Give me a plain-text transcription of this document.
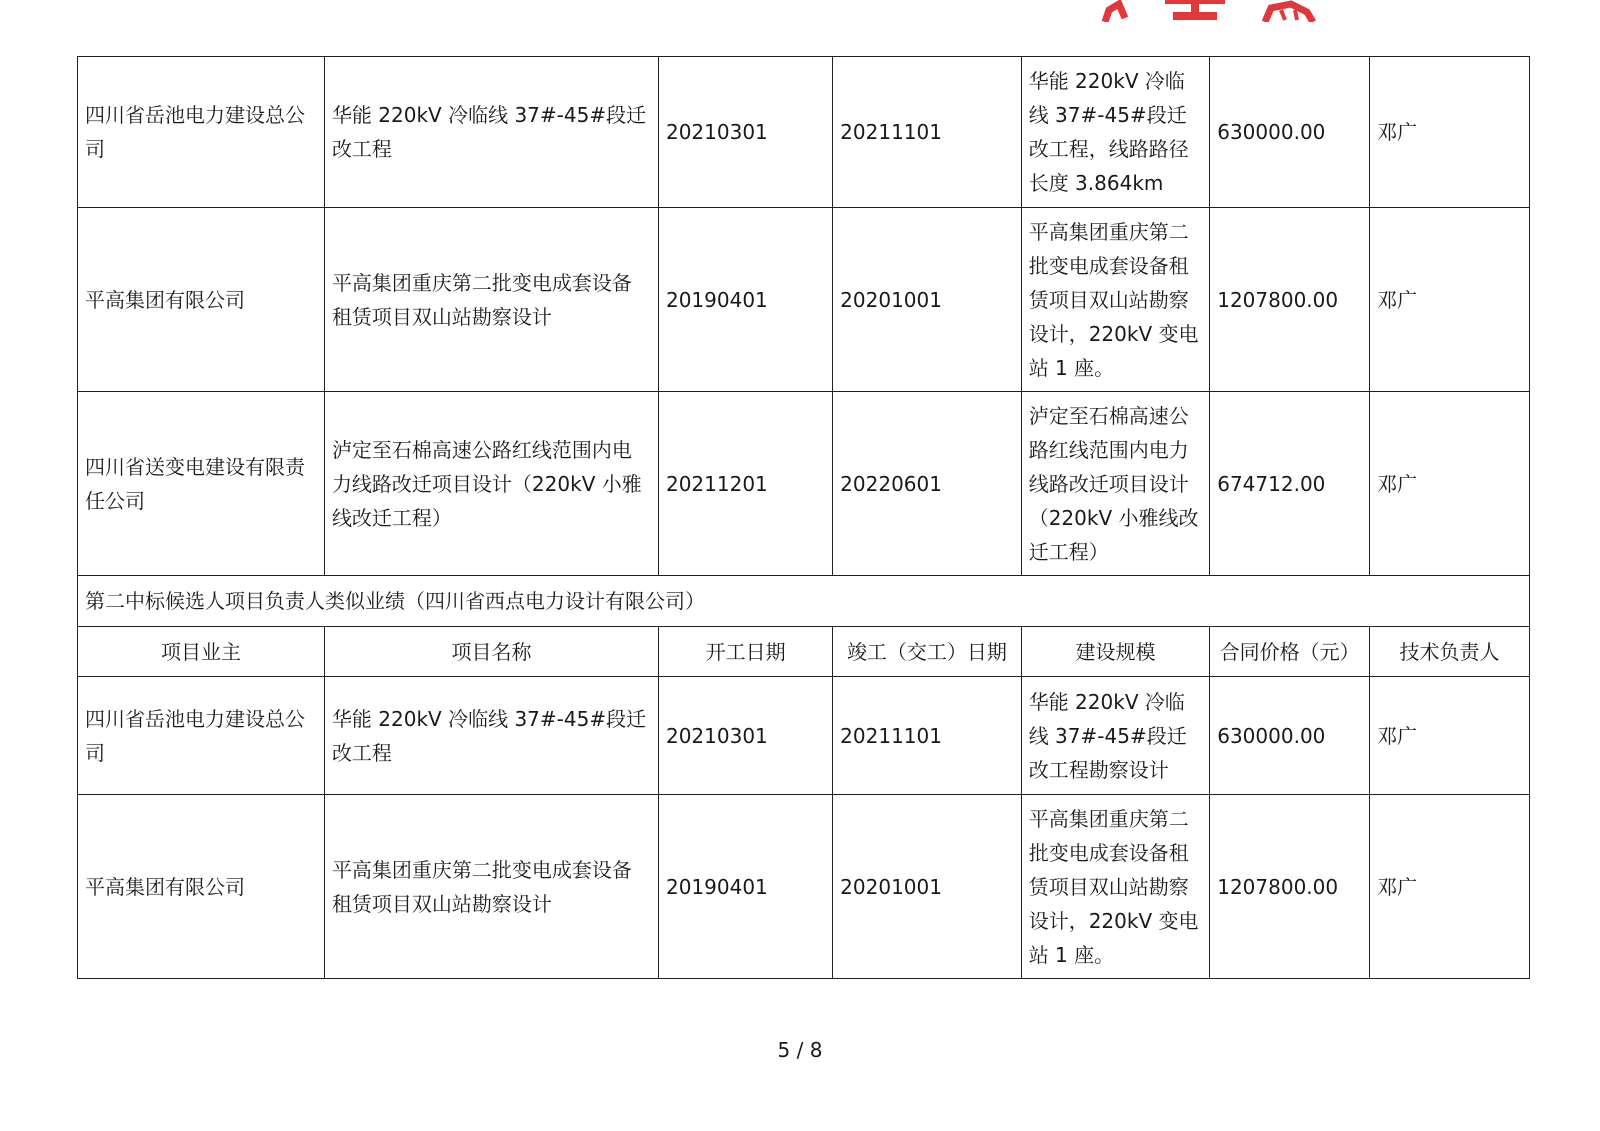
四川省岳池电力建设总公司	华能 220kV 冷临线 37#-45#段迁改工程	20210301	20211101	华能 220kV 冷临线 37#-45#段迁改工程，线路路径长度 3.864km	630000.00	邓广
平高集团有限公司	平高集团重庆第二批变电成套设备租赁项目双山站勘察设计	20190401	20201001	平高集团重庆第二批变电成套设备租赁项目双山站勘察设计，220kV 变电站 1 座。	1207800.00	邓广
四川省送变电建设有限责任公司	泸定至石棉高速公路红线范围内电力线路改迁项目设计（220kV 小雅线改迁工程）	20211201	20220601	泸定至石棉高速公路红线范围内电力线路改迁项目设计（220kV 小雅线改迁工程）	674712.00	邓广
第二中标候选人项目负责人类似业绩（四川省西点电力设计有限公司）						
项目业主	项目名称	开工日期	竣工（交工）日期	建设规模	合同价格（元）	技术负责人
四川省岳池电力建设总公司	华能 220kV 冷临线 37#-45#段迁改工程	20210301	20211101	华能 220kV 冷临线 37#-45#段迁改工程勘察设计	630000.00	邓广
平高集团有限公司	平高集团重庆第二批变电成套设备租赁项目双山站勘察设计	20190401	20201001	平高集团重庆第二批变电成套设备租赁项目双山站勘察设计，220kV 变电站 1 座。	1207800.00	邓广
5 / 8
